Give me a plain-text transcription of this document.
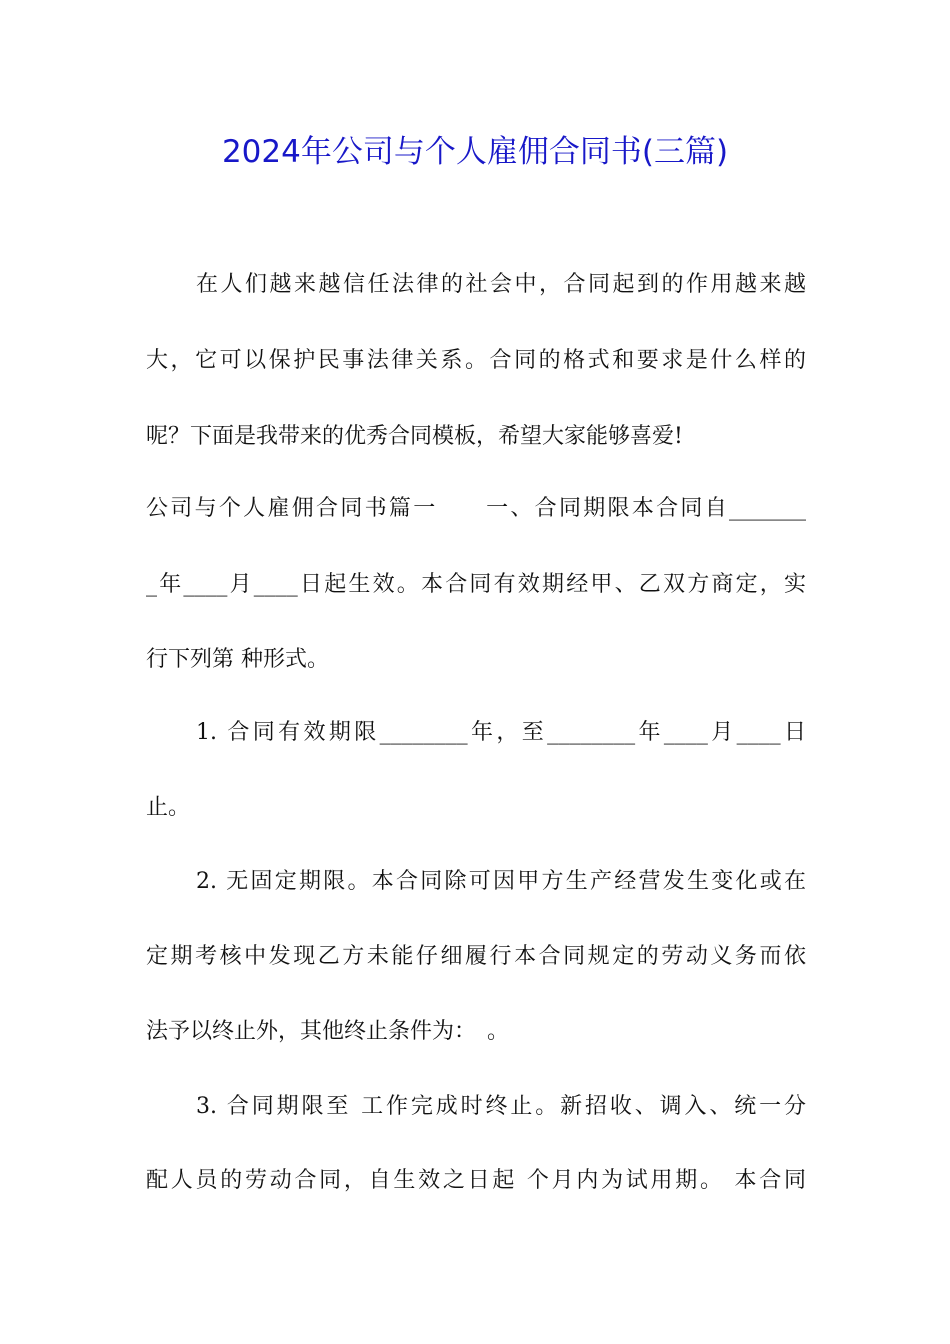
2024年公司与个人雇佣合同书(三篇)
在人们越来越信任法律的社会中，合同起到的作用越来越
大，它可以保护民事法律关系。合同的格式和要求是什么样的
呢？下面是我带来的优秀合同模板，希望大家能够喜爱!
公司与个人雇佣合同书篇一　　一、合同期限本合同自_______
_年____月____日起生效。本合同有效期经甲、乙双方商定，实
行下列第 种形式。
1. 合同有效期限________年，至________年____月____日
止。
2. 无固定期限。本合同除可因甲方生产经营发生变化或在
定期考核中发现乙方未能仔细履行本合同规定的劳动义务而依
法予以终止外，其他终止条件为：　。
3. 合同期限至 工作完成时终止。新招收、调入、统一分
配人员的劳动合同，自生效之日起 个月内为试用期。 本合同
